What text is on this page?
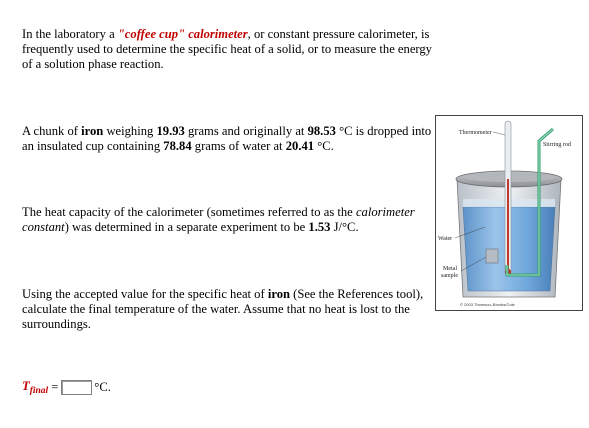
In the laboratory a "coffee cup" calorimeter, or constant pressure calorimeter, is frequently used to determine the specific heat of a solid, or to measure the energy of a solution phase reaction.

A chunk of iron weighing 19.93 grams and originally at 98.53 °C is dropped into an insulated cup containing 78.84 grams of water at 20.41 °C.

The heat capacity of the calorimeter (sometimes referred to as the calorimeter constant) was determined in a separate experiment to be 1.53 J/°C.

Using the accepted value for the specific heat of iron (See the References tool), calculate the final temperature of the water. Assume that no heat is lost to the surroundings.

$T_{final}$ =	°C.
Thermometer
Stirring rod
Water
Metal
sample
© 2003 Thomson–Brooks/Cole
